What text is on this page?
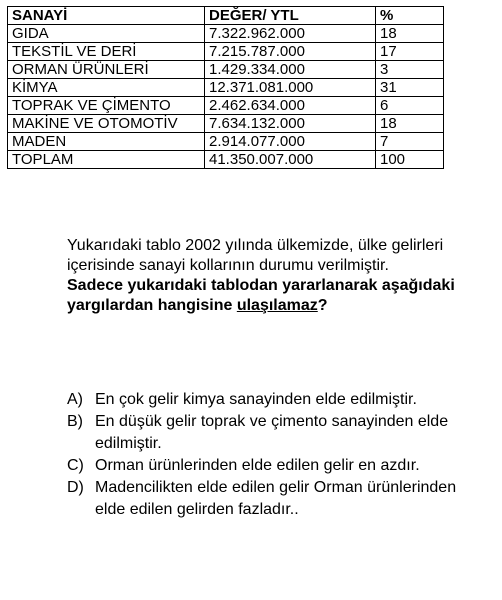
SANAYİ	DEĞER/ YTL	%
GIDA	7.322.962.000	18
TEKSTİL VE DERİ	7.215.787.000	17
ORMAN ÜRÜNLERİ	1.429.334.000	3
KİMYA	12.371.081.000	31
TOPRAK VE ÇİMENTO	2.462.634.000	6
MAKİNE VE OTOMOTİV	7.634.132.000	18
MADEN	2.914.077.000	7
TOPLAM	41.350.007.000	100

Yukarıdaki tablo 2002 yılında ülkemizde, ülke gelirleri içerisinde sanayi kollarının durumu verilmiştir.

Sadece yukarıdaki tablodan yararlanarak aşağıdaki yargılardan hangisine ulaşılamaz?

A) En çok gelir kimya sanayinden elde edilmiştir.
B) En düşük gelir toprak ve çimento sanayinden elde edilmiştir.
C) Orman ürünlerinden elde edilen gelir en azdır.
D) Madencilikten elde edilen gelir Orman ürünlerinden elde edilen gelirden fazladır..
